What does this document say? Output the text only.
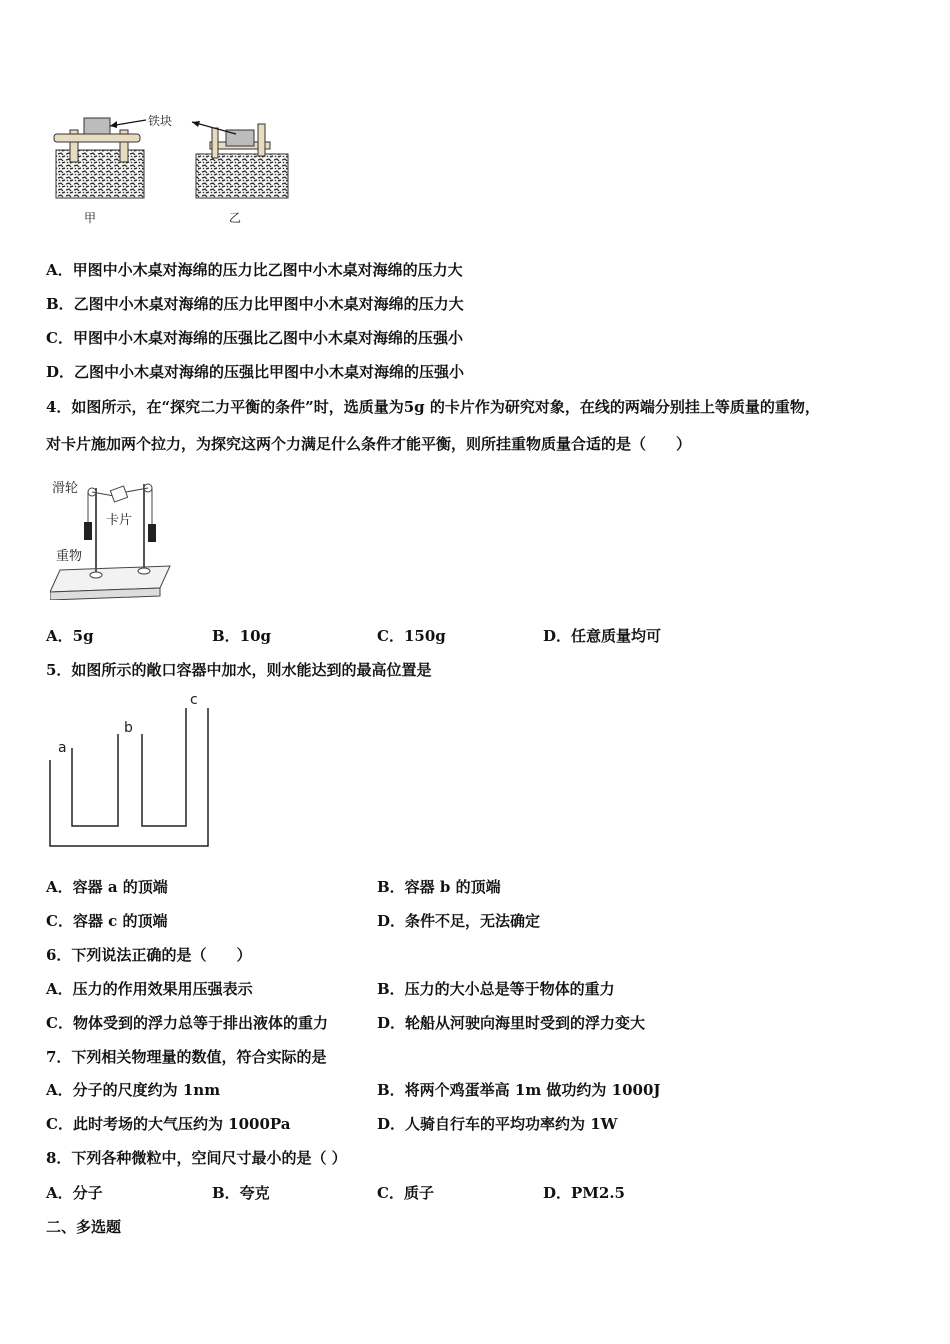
铁块
甲	乙
A．甲图中小木桌对海绵的压力比乙图中小木桌对海绵的压力大
B．乙图中小木桌对海绵的压力比甲图中小木桌对海绵的压力大
C．甲图中小木桌对海绵的压强比乙图中小木桌对海绵的压强小
D．乙图中小木桌对海绵的压强比甲图中小木桌对海绵的压强小
4．如图所示，在“探究二力平衡的条件”时，选质量为5g 的卡片作为研究对象，在线的两端分别挂上等质量的重物，
对卡片施加两个拉力，为探究这两个力满足什么条件才能平衡，则所挂重物质量合适的是（　　）
滑轮
卡片
重物
A．5g	B．10g	C．150g	D．任意质量均可
5．如图所示的敞口容器中加水，则水能达到的最高位置是
a
b
c
A．容器 a 的顶端	B．容器 b 的顶端
C．容器 c 的顶端	D．条件不足，无法确定
6．下列说法正确的是（　　）
A．压力的作用效果用压强表示	B．压力的大小总是等于物体的重力
C．物体受到的浮力总等于排出液体的重力	D．轮船从河驶向海里时受到的浮力变大
7．下列相关物理量的数值，符合实际的是
A．分子的尺度约为 1nm	B．将两个鸡蛋举高 1m 做功约为 1000J
C．此时考场的大气压约为 1000Pa	D．人骑自行车的平均功率约为 1W
8．下列各种微粒中，空间尺寸最小的是（ ）
A．分子	B．夸克	C．质子	D．PM2.5
二、多选题
